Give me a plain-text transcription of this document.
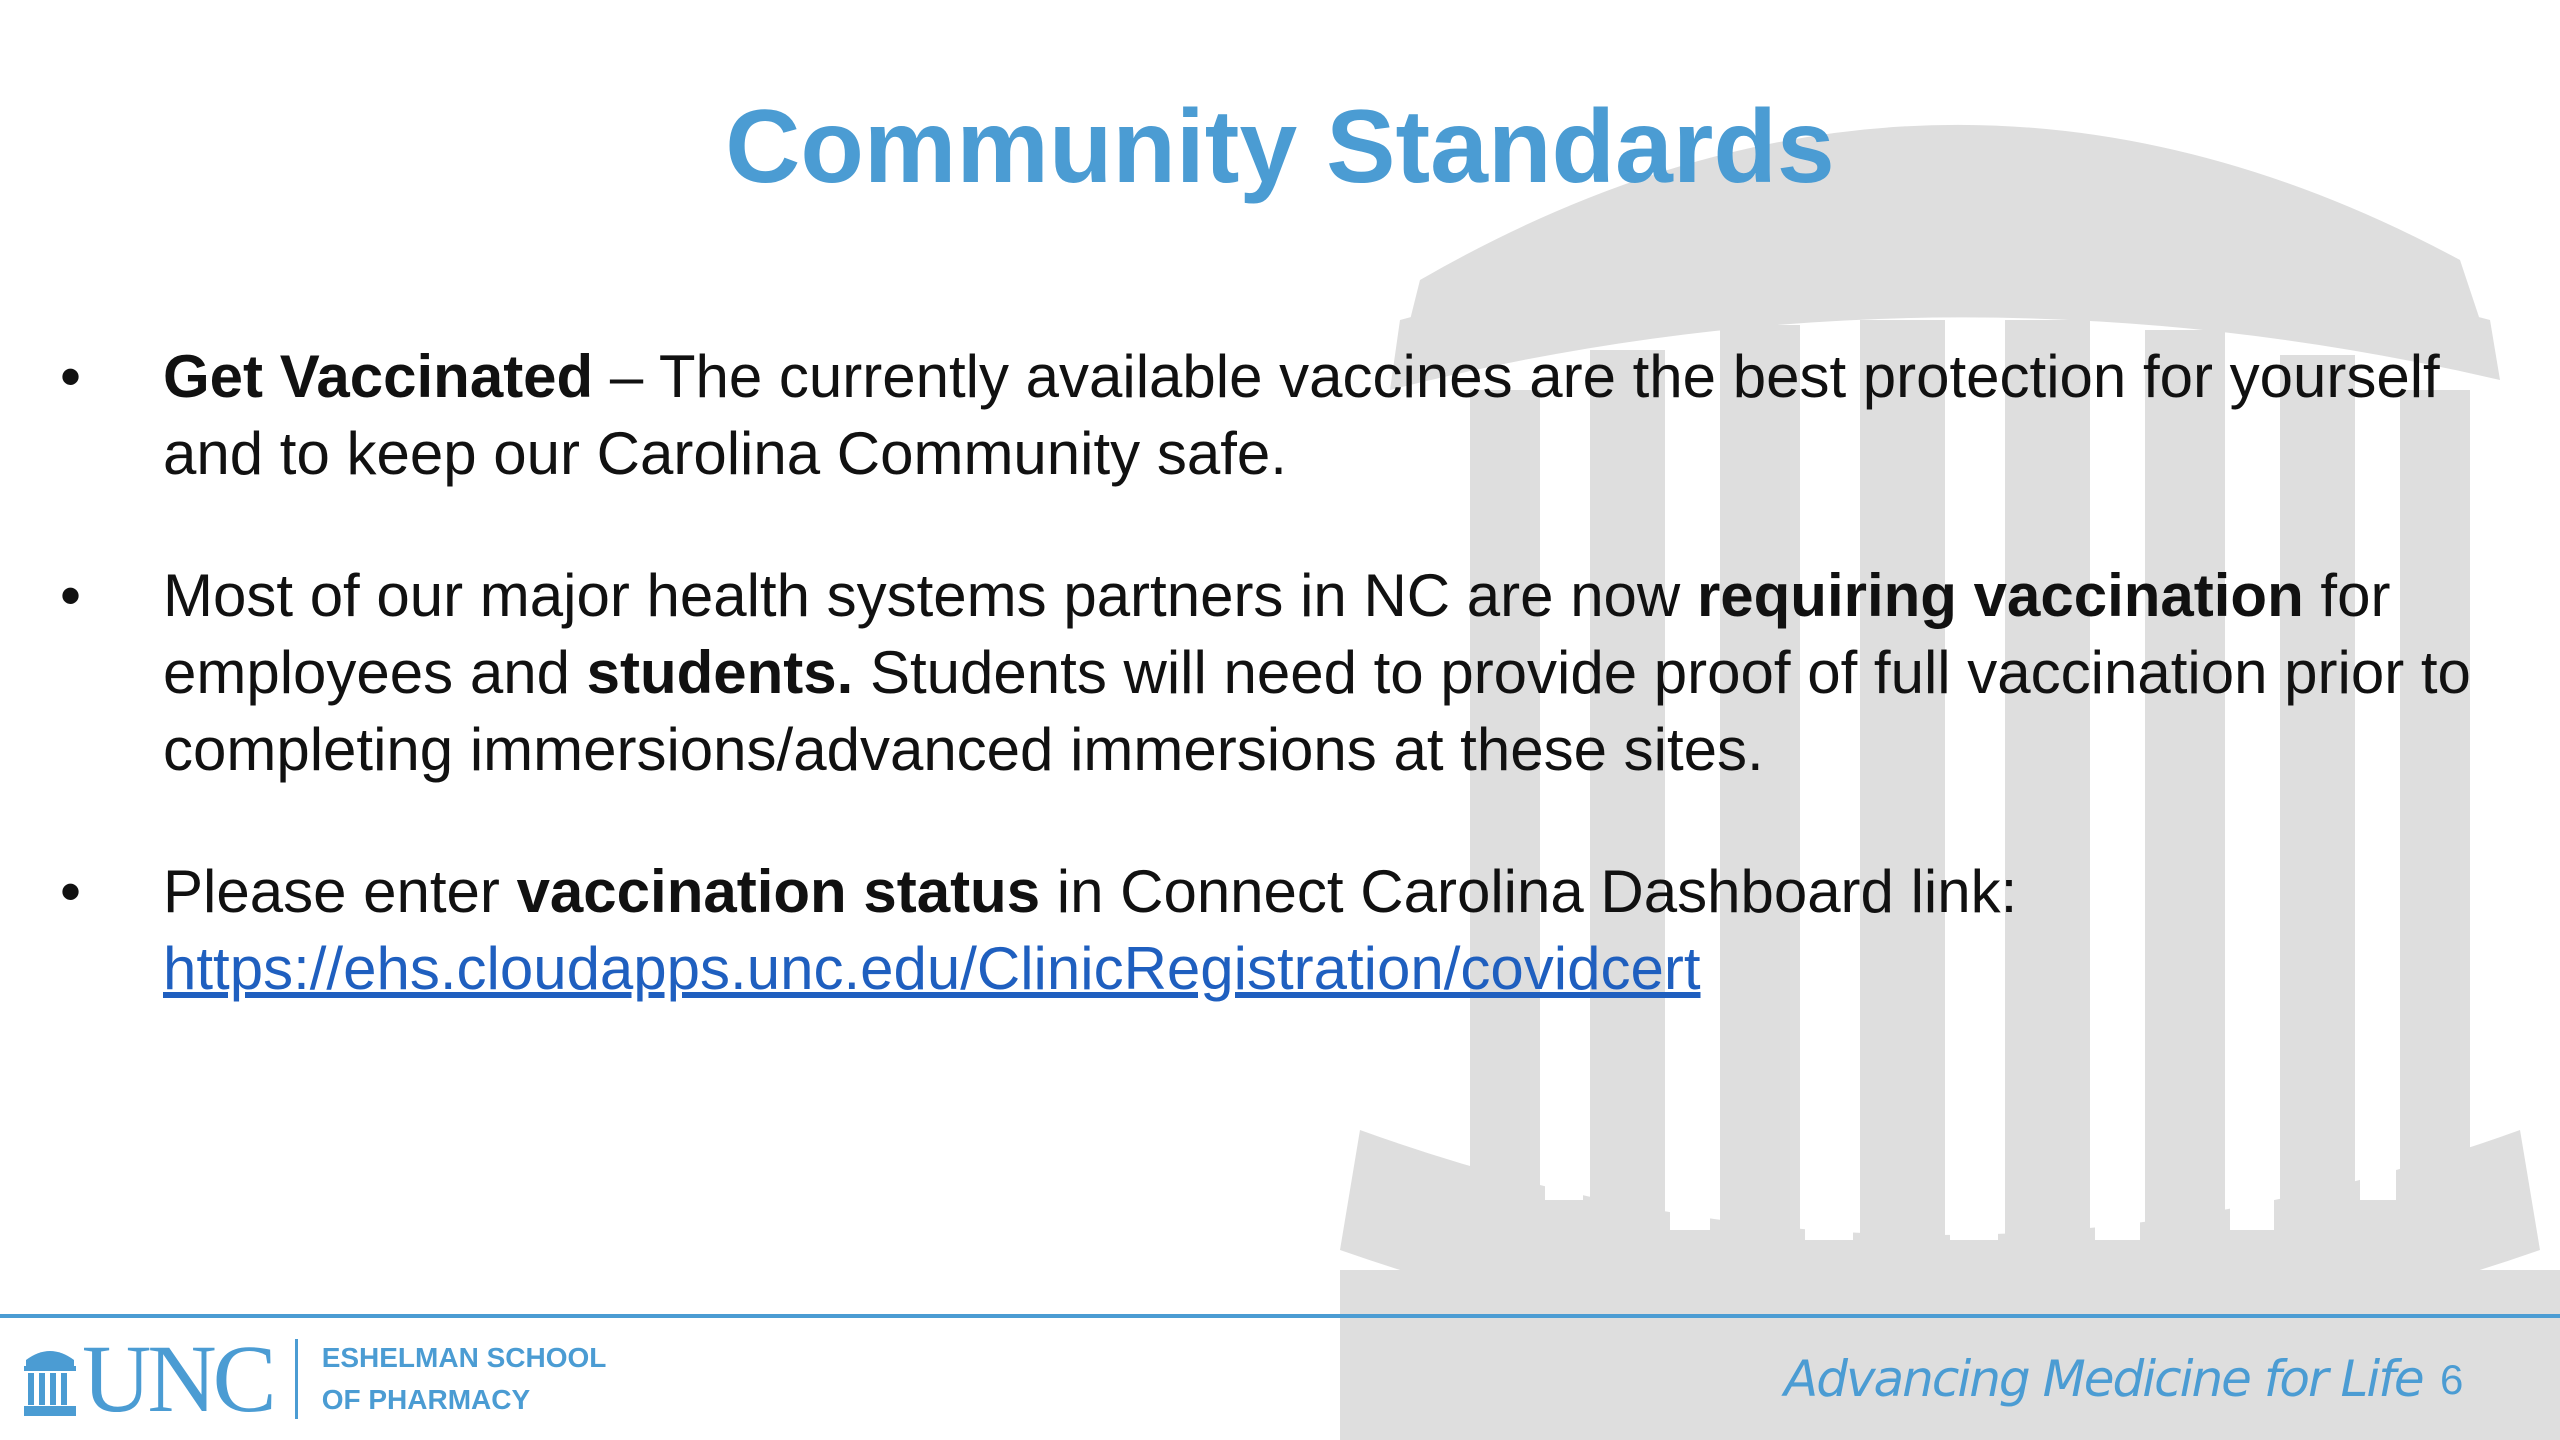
Community Standards
• Get Vaccinated – The currently available vaccines are the best protection for yourself and to keep our Carolina Community safe.
• Most of our major health systems partners in NC are now requiring vaccination for employees and students. Students will need to provide proof of full vaccination prior to completing immersions/advanced immersions at these sites.
• Please enter vaccination status in Connect Carolina Dashboard link: https://ehs.cloudapps.unc.edu/ClinicRegistration/covidcert
UNC ESHELMAN SCHOOL
OF PHARMACY	Advancing Medicine for Life 6
